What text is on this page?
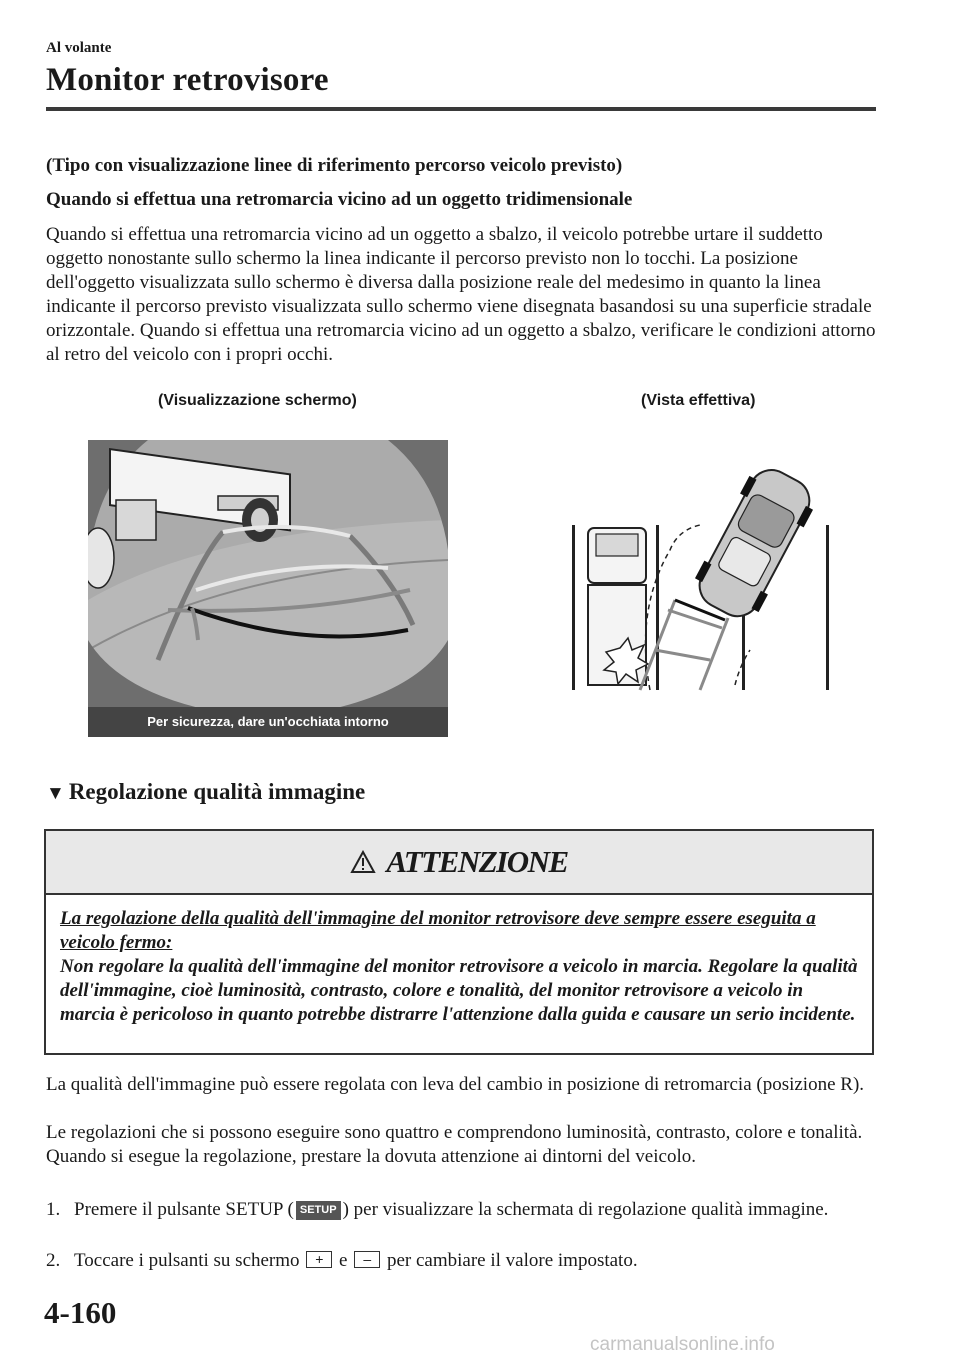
Al volante
Monitor retrovisore
(Tipo con visualizzazione linee di riferimento percorso veicolo previsto)
Quando si effettua una retromarcia vicino ad un oggetto tridimensionale
Quando si effettua una retromarcia vicino ad un oggetto a sbalzo, il veicolo potrebbe urtare il suddetto oggetto nonostante sullo schermo la linea indicante il percorso previsto non lo tocchi. La posizione dell'oggetto visualizzata sullo schermo è diversa dalla posizione reale del medesimo in quanto la linea indicante il percorso previsto visualizzata sullo schermo viene disegnata basandosi su una superficie stradale orizzontale. Quando si effettua una retromarcia vicino ad un oggetto a sbalzo, verificare le condizioni attorno al retro del veicolo con i propri occhi.
(Visualizzazione schermo)	(Vista effettiva)
Per sicurezza, dare un'occhiata intorno
▼ Regolazione qualità immagine
ATTENZIONE
La regolazione della qualità dell'immagine del monitor retrovisore deve sempre essere eseguita a veicolo fermo:
Non regolare la qualità dell'immagine del monitor retrovisore a veicolo in marcia. Regolare la qualità dell'immagine, cioè luminosità, contrasto, colore e tonalità, del monitor retrovisore a veicolo in marcia è pericoloso in quanto potrebbe distrarre l'attenzione dalla guida e causare un serio incidente.
La qualità dell'immagine può essere regolata con leva del cambio in posizione di retromarcia (posizione R).
Le regolazioni che si possono eseguire sono quattro e comprendono luminosità, contrasto, colore e tonalità. Quando si esegue la regolazione, prestare la dovuta attenzione ai dintorni del veicolo.
1. Premere il pulsante SETUP ( SETUP ) per visualizzare la schermata di regolazione qualità immagine.
2. Toccare i pulsanti su schermo + e – per cambiare il valore impostato.
4-160
carmanualsonline.info
